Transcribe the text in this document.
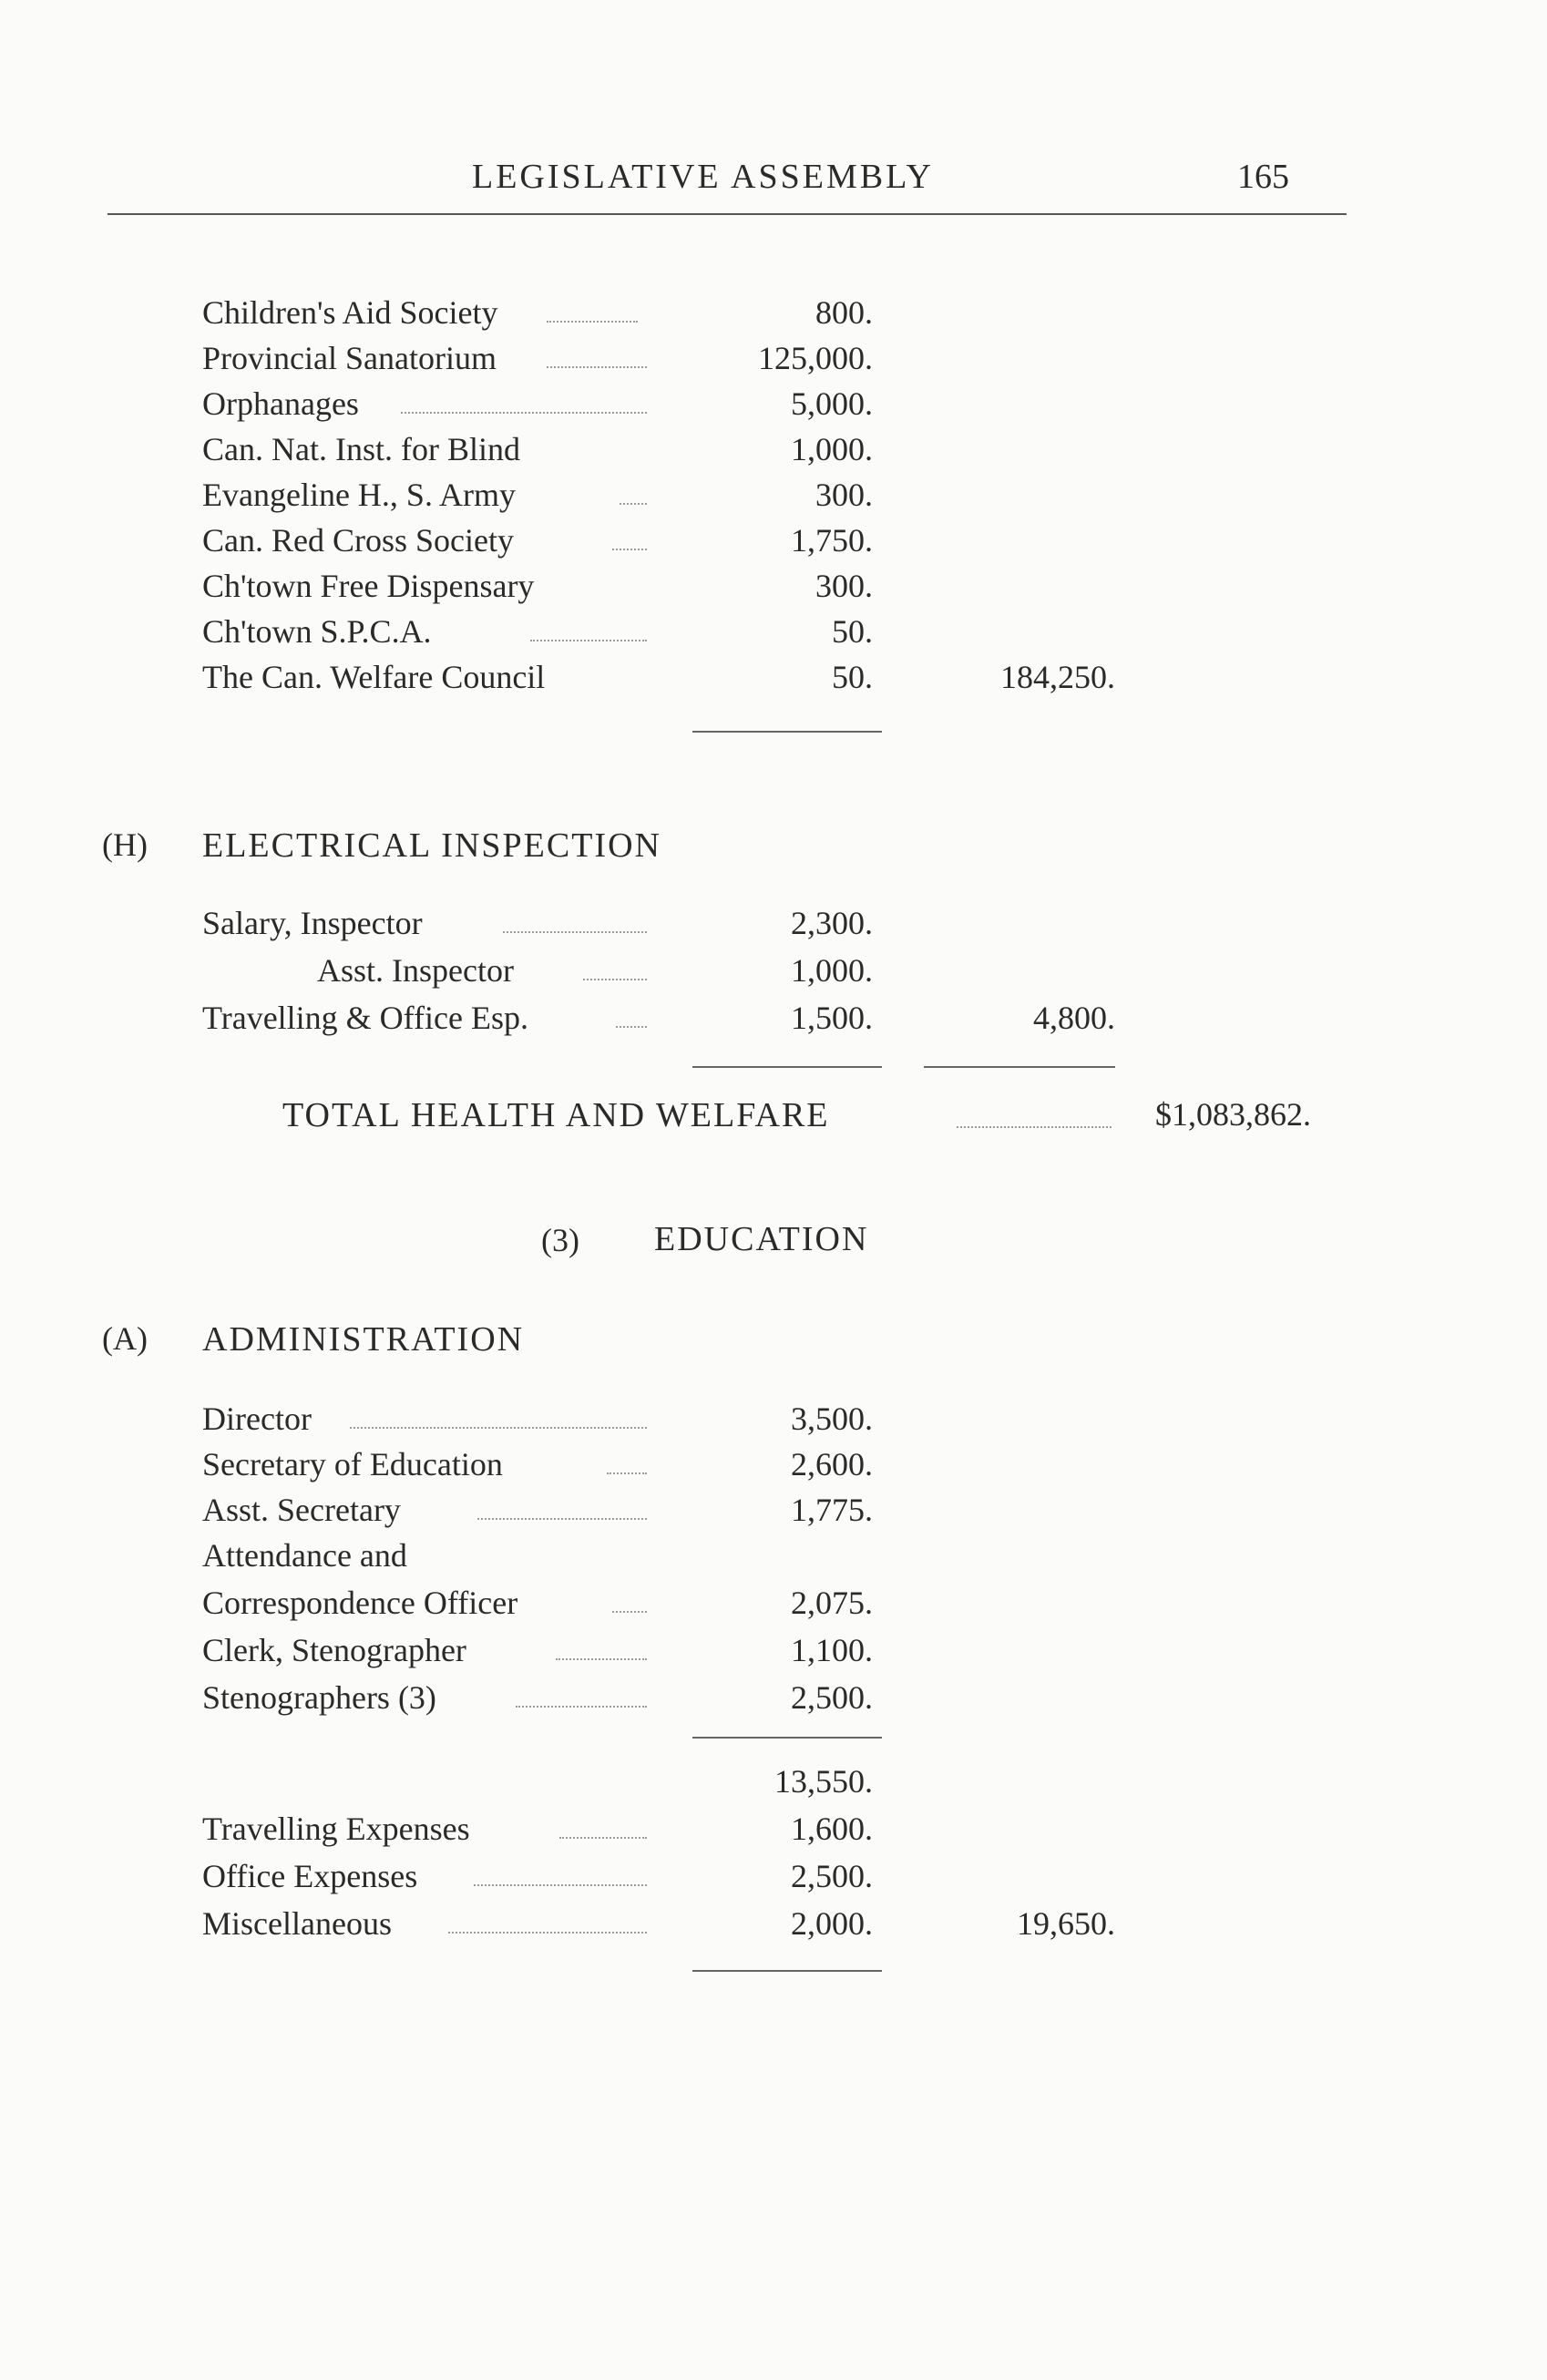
LEGISLATIVE ASSEMBLY	165
Children's Aid Society	800.
Provincial Sanatorium	125,000.
Orphanages	5,000.
Can. Nat. Inst. for Blind	1,000.
Evangeline H., S. Army	300.
Can. Red Cross Society	1,750.
Ch'town Free Dispensary	300.
Ch'town S.P.C.A.	50.
The Can. Welfare Council	50.	184,250.
(H) ELECTRICAL INSPECTION
Salary, Inspector	2,300.
Asst. Inspector	1,000.
Travelling & Office Esp.	1,500.	4,800.
TOTAL HEALTH AND WELFARE	$1,083,862.
(3) EDUCATION
(A) ADMINISTRATION
Director	3,500.
Secretary of Education	2,600.
Asst. Secretary	1,775.
Attendance and
Correspondence Officer	2,075.
Clerk, Stenographer	1,100.
Stenographers (3)	2,500.
13,550.
Travelling Expenses	1,600.
Office Expenses	2,500.
Miscellaneous	2,000.	19,650.
